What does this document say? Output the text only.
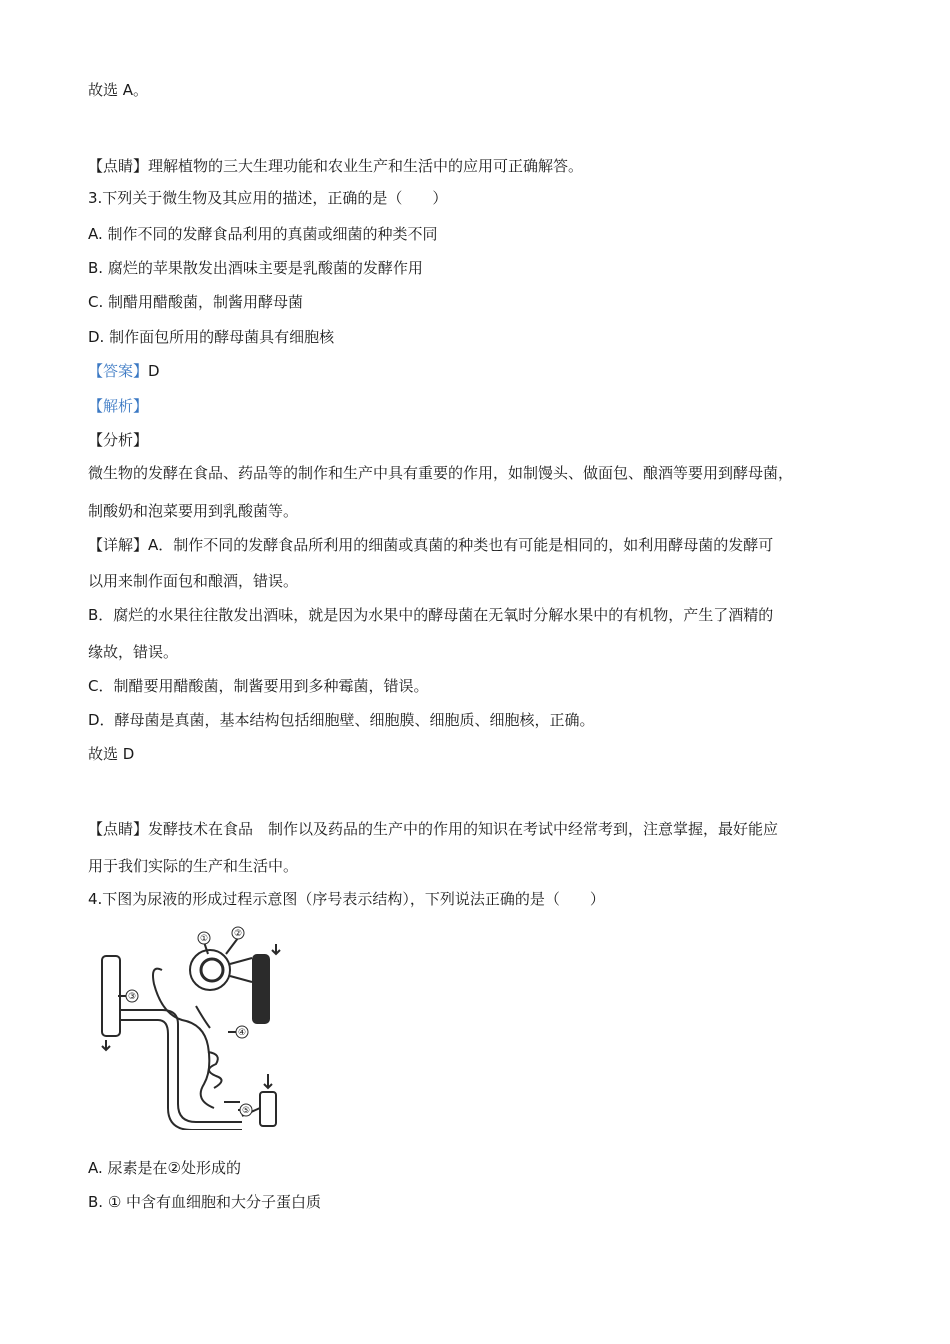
故选 A。
【点睛】理解植物的三大生理功能和农业生产和生活中的应用可正确解答。
3.下列关于微生物及其应用的描述，正确的是（　　）
A. 制作不同的发酵食品利用的真菌或细菌的种类不同
B. 腐烂的苹果散发出酒味主要是乳酸菌的发酵作用
C. 制醋用醋酸菌，制酱用酵母菌
D. 制作面包所用的酵母菌具有细胞核
【答案】D
【解析】
【分析】
微生物的发酵在食品、药品等的制作和生产中具有重要的作用，如制馒头、做面包、酿酒等要用到酵母菌，
制酸奶和泡菜要用到乳酸菌等。
【详解】A．制作不同的发酵食品所利用的细菌或真菌的种类也有可能是相同的，如利用酵母菌的发酵可
以用来制作面包和酿酒，错误。
B．腐烂的水果往往散发出酒味，就是因为水果中的酵母菌在无氧时分解水果中的有机物，产生了酒精的
缘故，错误。
C．制醋要用醋酸菌，制酱要用到多种霉菌，错误。
D．酵母菌是真菌，基本结构包括细胞壁、细胞膜、细胞质、细胞核，正确。
故选 D
【点睛】发酵技术在食品　制作以及药品的生产中的作用的知识在考试中经常考到，注意掌握，最好能应
用于我们实际的生产和生活中。
4.下图为尿液的形成过程示意图（序号表示结构），下列说法正确的是（　　）
①	②
③
④
⑤
A. 尿素是在②处形成的
B. ① 中含有血细胞和大分子蛋白质
